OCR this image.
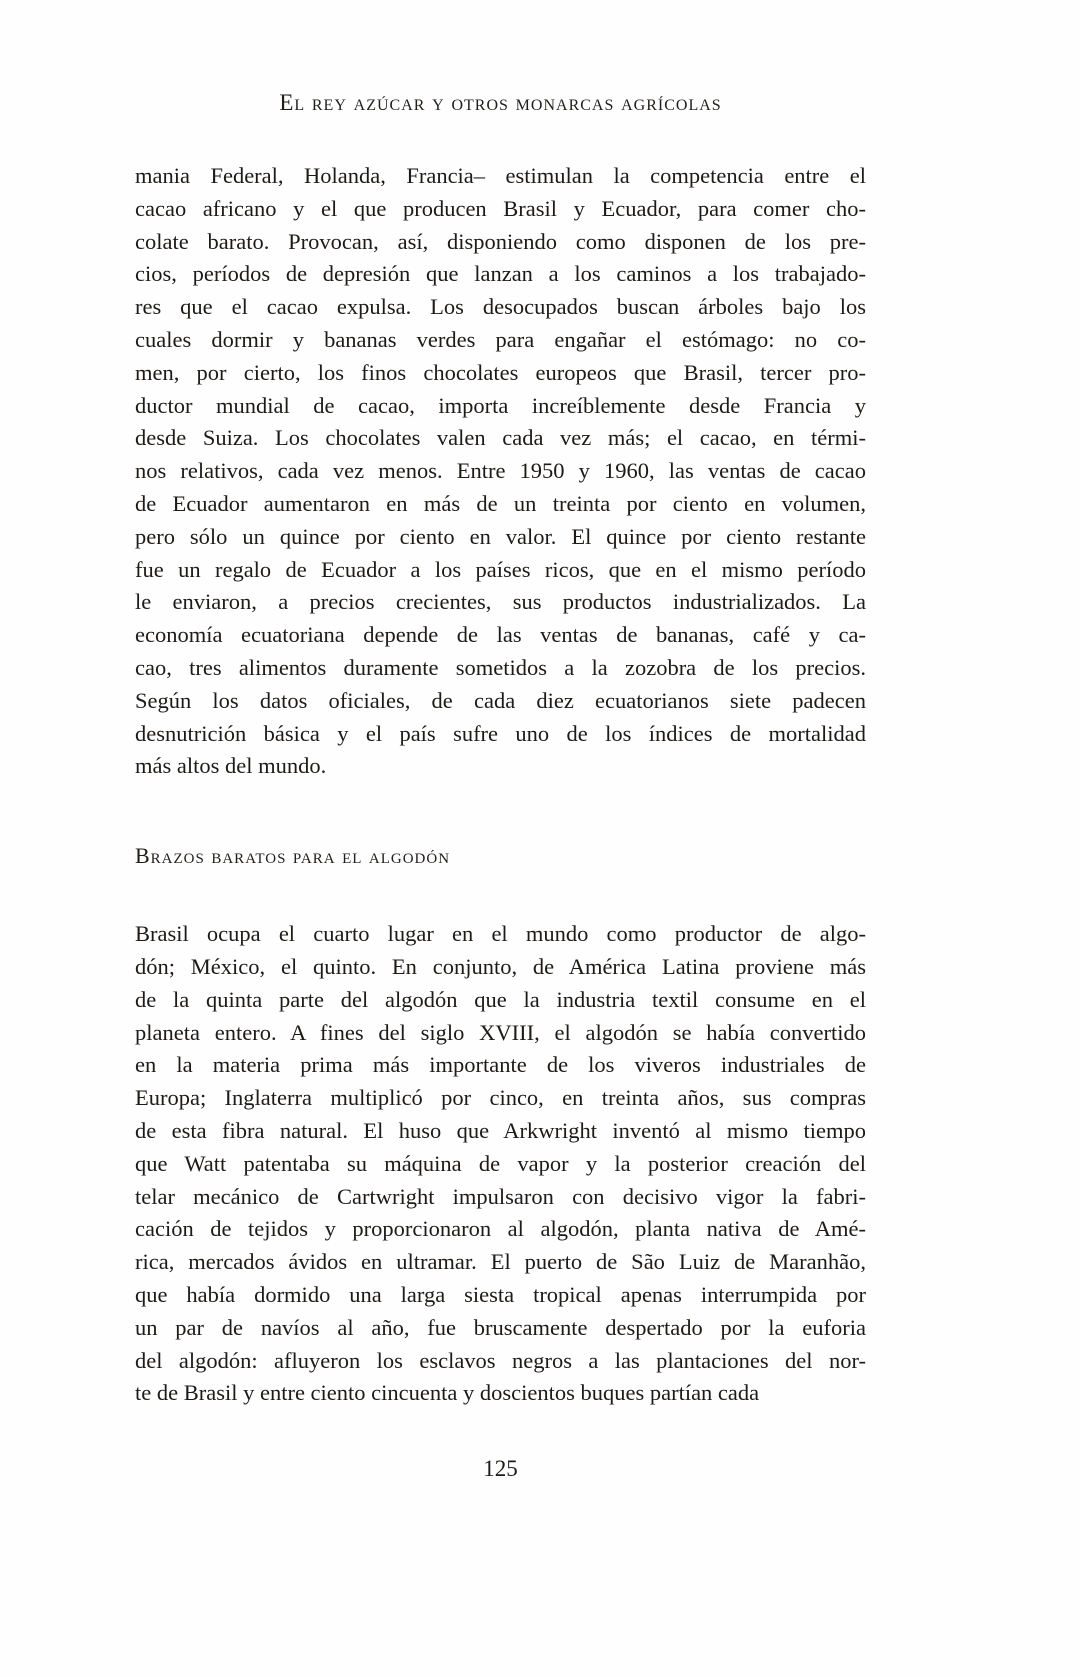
El rey azúcar y otros monarcas agrícolas
mania Federal, Holanda, Francia– estimulan la competencia entre el
cacao africano y el que producen Brasil y Ecuador, para comer cho-
colate barato. Provocan, así, disponiendo como disponen de los pre-
cios, períodos de depresión que lanzan a los caminos a los trabajado-
res que el cacao expulsa. Los desocupados buscan árboles bajo los
cuales dormir y bananas verdes para engañar el estómago: no co-
men, por cierto, los finos chocolates europeos que Brasil, tercer pro-
ductor mundial de cacao, importa increíblemente desde Francia y
desde Suiza. Los chocolates valen cada vez más; el cacao, en térmi-
nos relativos, cada vez menos. Entre 1950 y 1960, las ventas de cacao
de Ecuador aumentaron en más de un treinta por ciento en volumen,
pero sólo un quince por ciento en valor. El quince por ciento restante
fue un regalo de Ecuador a los países ricos, que en el mismo período
le enviaron, a precios crecientes, sus productos industrializados. La
economía ecuatoriana depende de las ventas de bananas, café y ca-
cao, tres alimentos duramente sometidos a la zozobra de los precios.
Según los datos oficiales, de cada diez ecuatorianos siete padecen
desnutrición básica y el país sufre uno de los índices de mortalidad
más altos del mundo.
Brazos baratos para el algodón
Brasil ocupa el cuarto lugar en el mundo como productor de algo-
dón; México, el quinto. En conjunto, de América Latina proviene más
de la quinta parte del algodón que la industria textil consume en el
planeta entero. A fines del siglo XVIII, el algodón se había convertido
en la materia prima más importante de los viveros industriales de
Europa; Inglaterra multiplicó por cinco, en treinta años, sus compras
de esta fibra natural. El huso que Arkwright inventó al mismo tiempo
que Watt patentaba su máquina de vapor y la posterior creación del
telar mecánico de Cartwright impulsaron con decisivo vigor la fabri-
cación de tejidos y proporcionaron al algodón, planta nativa de Amé-
rica, mercados ávidos en ultramar. El puerto de São Luiz de Maranhão,
que había dormido una larga siesta tropical apenas interrumpida por
un par de navíos al año, fue bruscamente despertado por la euforia
del algodón: afluyeron los esclavos negros a las plantaciones del nor-
te de Brasil y entre ciento cincuenta y doscientos buques partían cada
125
